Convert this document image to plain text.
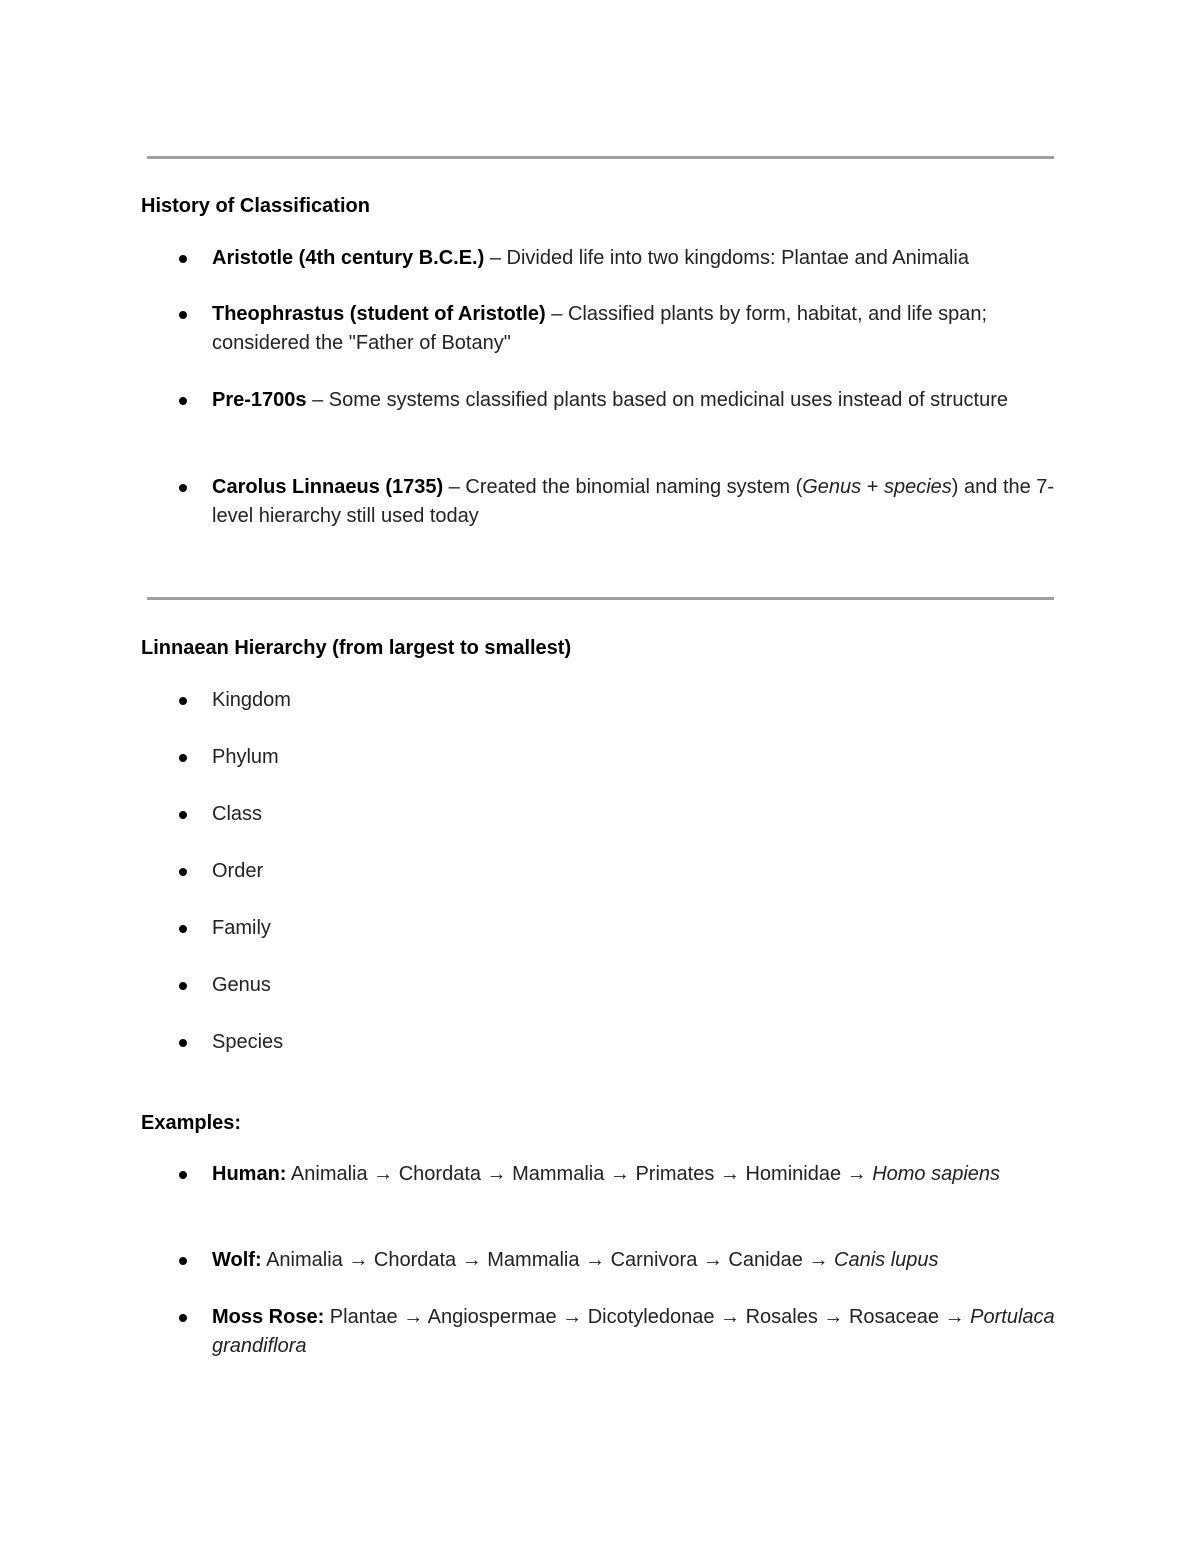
History of Classification
Aristotle (4th century B.C.E.) – Divided life into two kingdoms: Plantae and Animalia
Theophrastus (student of Aristotle) – Classified plants by form, habitat, and life span; considered the "Father of Botany"
Pre-1700s – Some systems classified plants based on medicinal uses instead of structure
Carolus Linnaeus (1735) – Created the binomial naming system (Genus + species) and the 7-level hierarchy still used today
Linnaean Hierarchy (from largest to smallest)
Kingdom
Phylum
Class
Order
Family
Genus
Species
Examples:
Human: Animalia → Chordata → Mammalia → Primates → Hominidae → Homo sapiens
Wolf: Animalia → Chordata → Mammalia → Carnivora → Canidae → Canis lupus
Moss Rose: Plantae → Angiospermae → Dicotyledonae → Rosales → Rosaceae → Portulaca grandiflora
